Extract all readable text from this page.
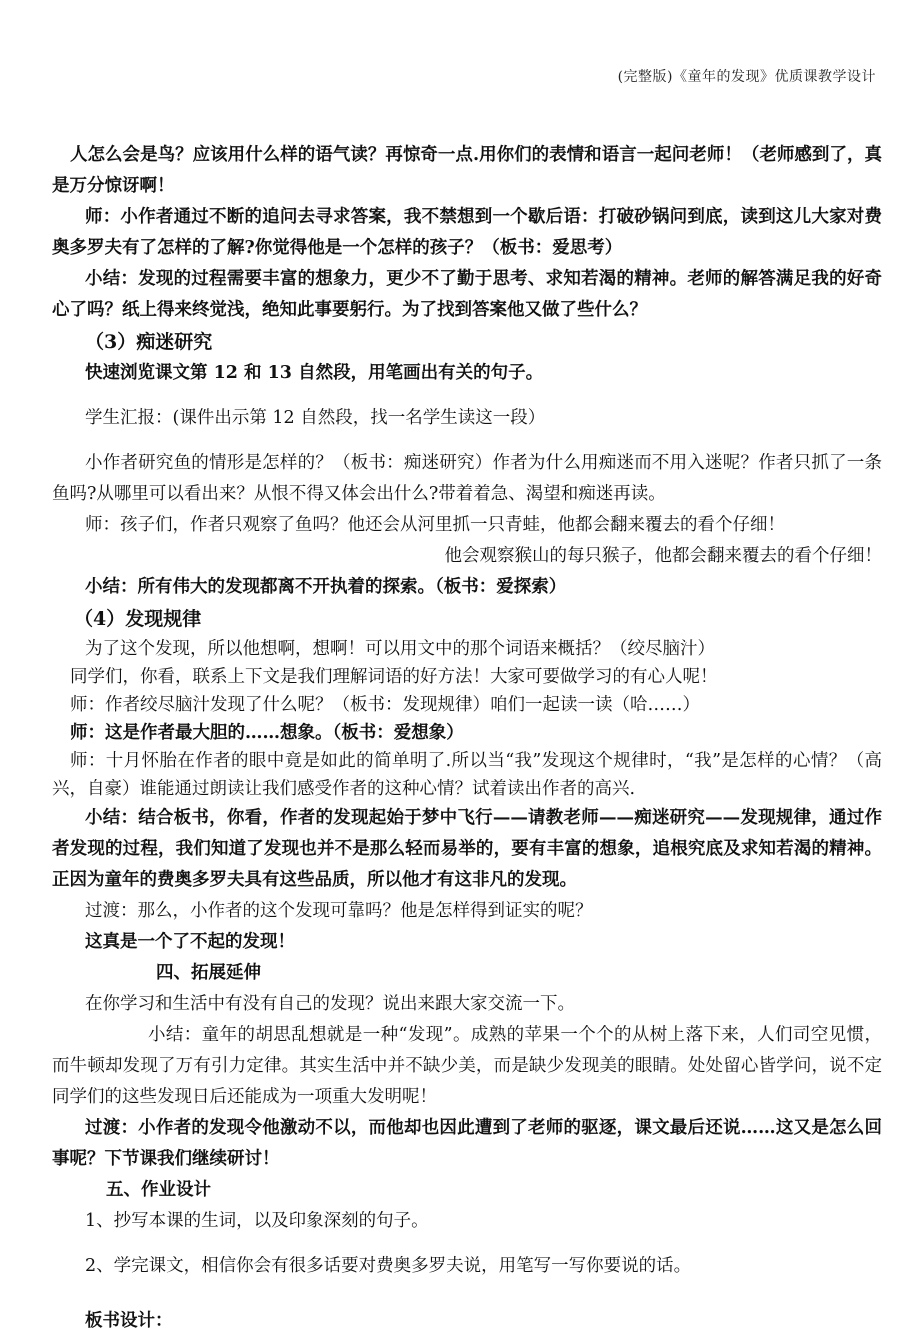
(完整版)《童年的发现》优质课教学设计

人怎么会是鸟？应该用什么样的语气读？再惊奇一点.用你们的表情和语言一起问老师！（老师感到了，真是万分惊讶啊！

师：小作者通过不断的追问去寻求答案，我不禁想到一个歇后语：打破砂锅问到底，读到这儿大家对费奥多罗夫有了怎样的了解?你觉得他是一个怎样的孩子？（板书：爱思考）

小结：发现的过程需要丰富的想象力，更少不了勤于思考、求知若渴的精神。老师的解答满足我的好奇心了吗？纸上得来终觉浅，绝知此事要躬行。为了找到答案他又做了些什么？

（3）痴迷研究

快速浏览课文第 12 和 13 自然段，用笔画出有关的句子。

学生汇报：(课件出示第 12 自然段，找一名学生读这一段）

小作者研究鱼的情形是怎样的？（板书：痴迷研究）作者为什么用痴迷而不用入迷呢？作者只抓了一条鱼吗?从哪里可以看出来？从恨不得又体会出什么?带着着急、渴望和痴迷再读。

师：孩子们，作者只观察了鱼吗？他还会从河里抓一只青蛙，他都会翻来覆去的看个仔细！

他会观察猴山的每只猴子，他都会翻来覆去的看个仔细！

小结：所有伟大的发现都离不开执着的探索。（板书：爱探索）

（4）发现规律

为了这个发现，所以他想啊，想啊！可以用文中的那个词语来概括？（绞尽脑汁）

同学们，你看，联系上下文是我们理解词语的好方法！大家可要做学习的有心人呢！

师：作者绞尽脑汁发现了什么呢？（板书：发现规律）咱们一起读一读（哈……）

师：这是作者最大胆的……想象。（板书：爱想象）

师：十月怀胎在作者的眼中竟是如此的简单明了.所以当“我”发现这个规律时，“我”是怎样的心情？（高兴，自豪）谁能通过朗读让我们感受作者的这种心情？试着读出作者的高兴.

小结：结合板书，你看，作者的发现起始于梦中飞行——请教老师——痴迷研究——发现规律，通过作者发现的过程，我们知道了发现也并不是那么轻而易举的，要有丰富的想象，追根究底及求知若渴的精神。正因为童年的费奥多罗夫具有这些品质，所以他才有这非凡的发现。

过渡：那么，小作者的这个发现可靠吗？他是怎样得到证实的呢？

这真是一个了不起的发现！

四、拓展延伸

在你学习和生活中有没有自己的发现？说出来跟大家交流一下。

小结：童年的胡思乱想就是一种“发现”。成熟的苹果一个个的从树上落下来，人们司空见惯，而牛顿却发现了万有引力定律。其实生活中并不缺少美，而是缺少发现美的眼睛。处处留心皆学问，说不定同学们的这些发现日后还能成为一项重大发明呢！

过渡：小作者的发现令他激动不以，而他却也因此遭到了老师的驱逐，课文最后还说……这又是怎么回事呢？下节课我们继续研讨！

五、作业设计

1、抄写本课的生词，以及印象深刻的句子。

2、学完课文，相信你会有很多话要对费奥多罗夫说，用笔写一写你要说的话。

板书设计：
